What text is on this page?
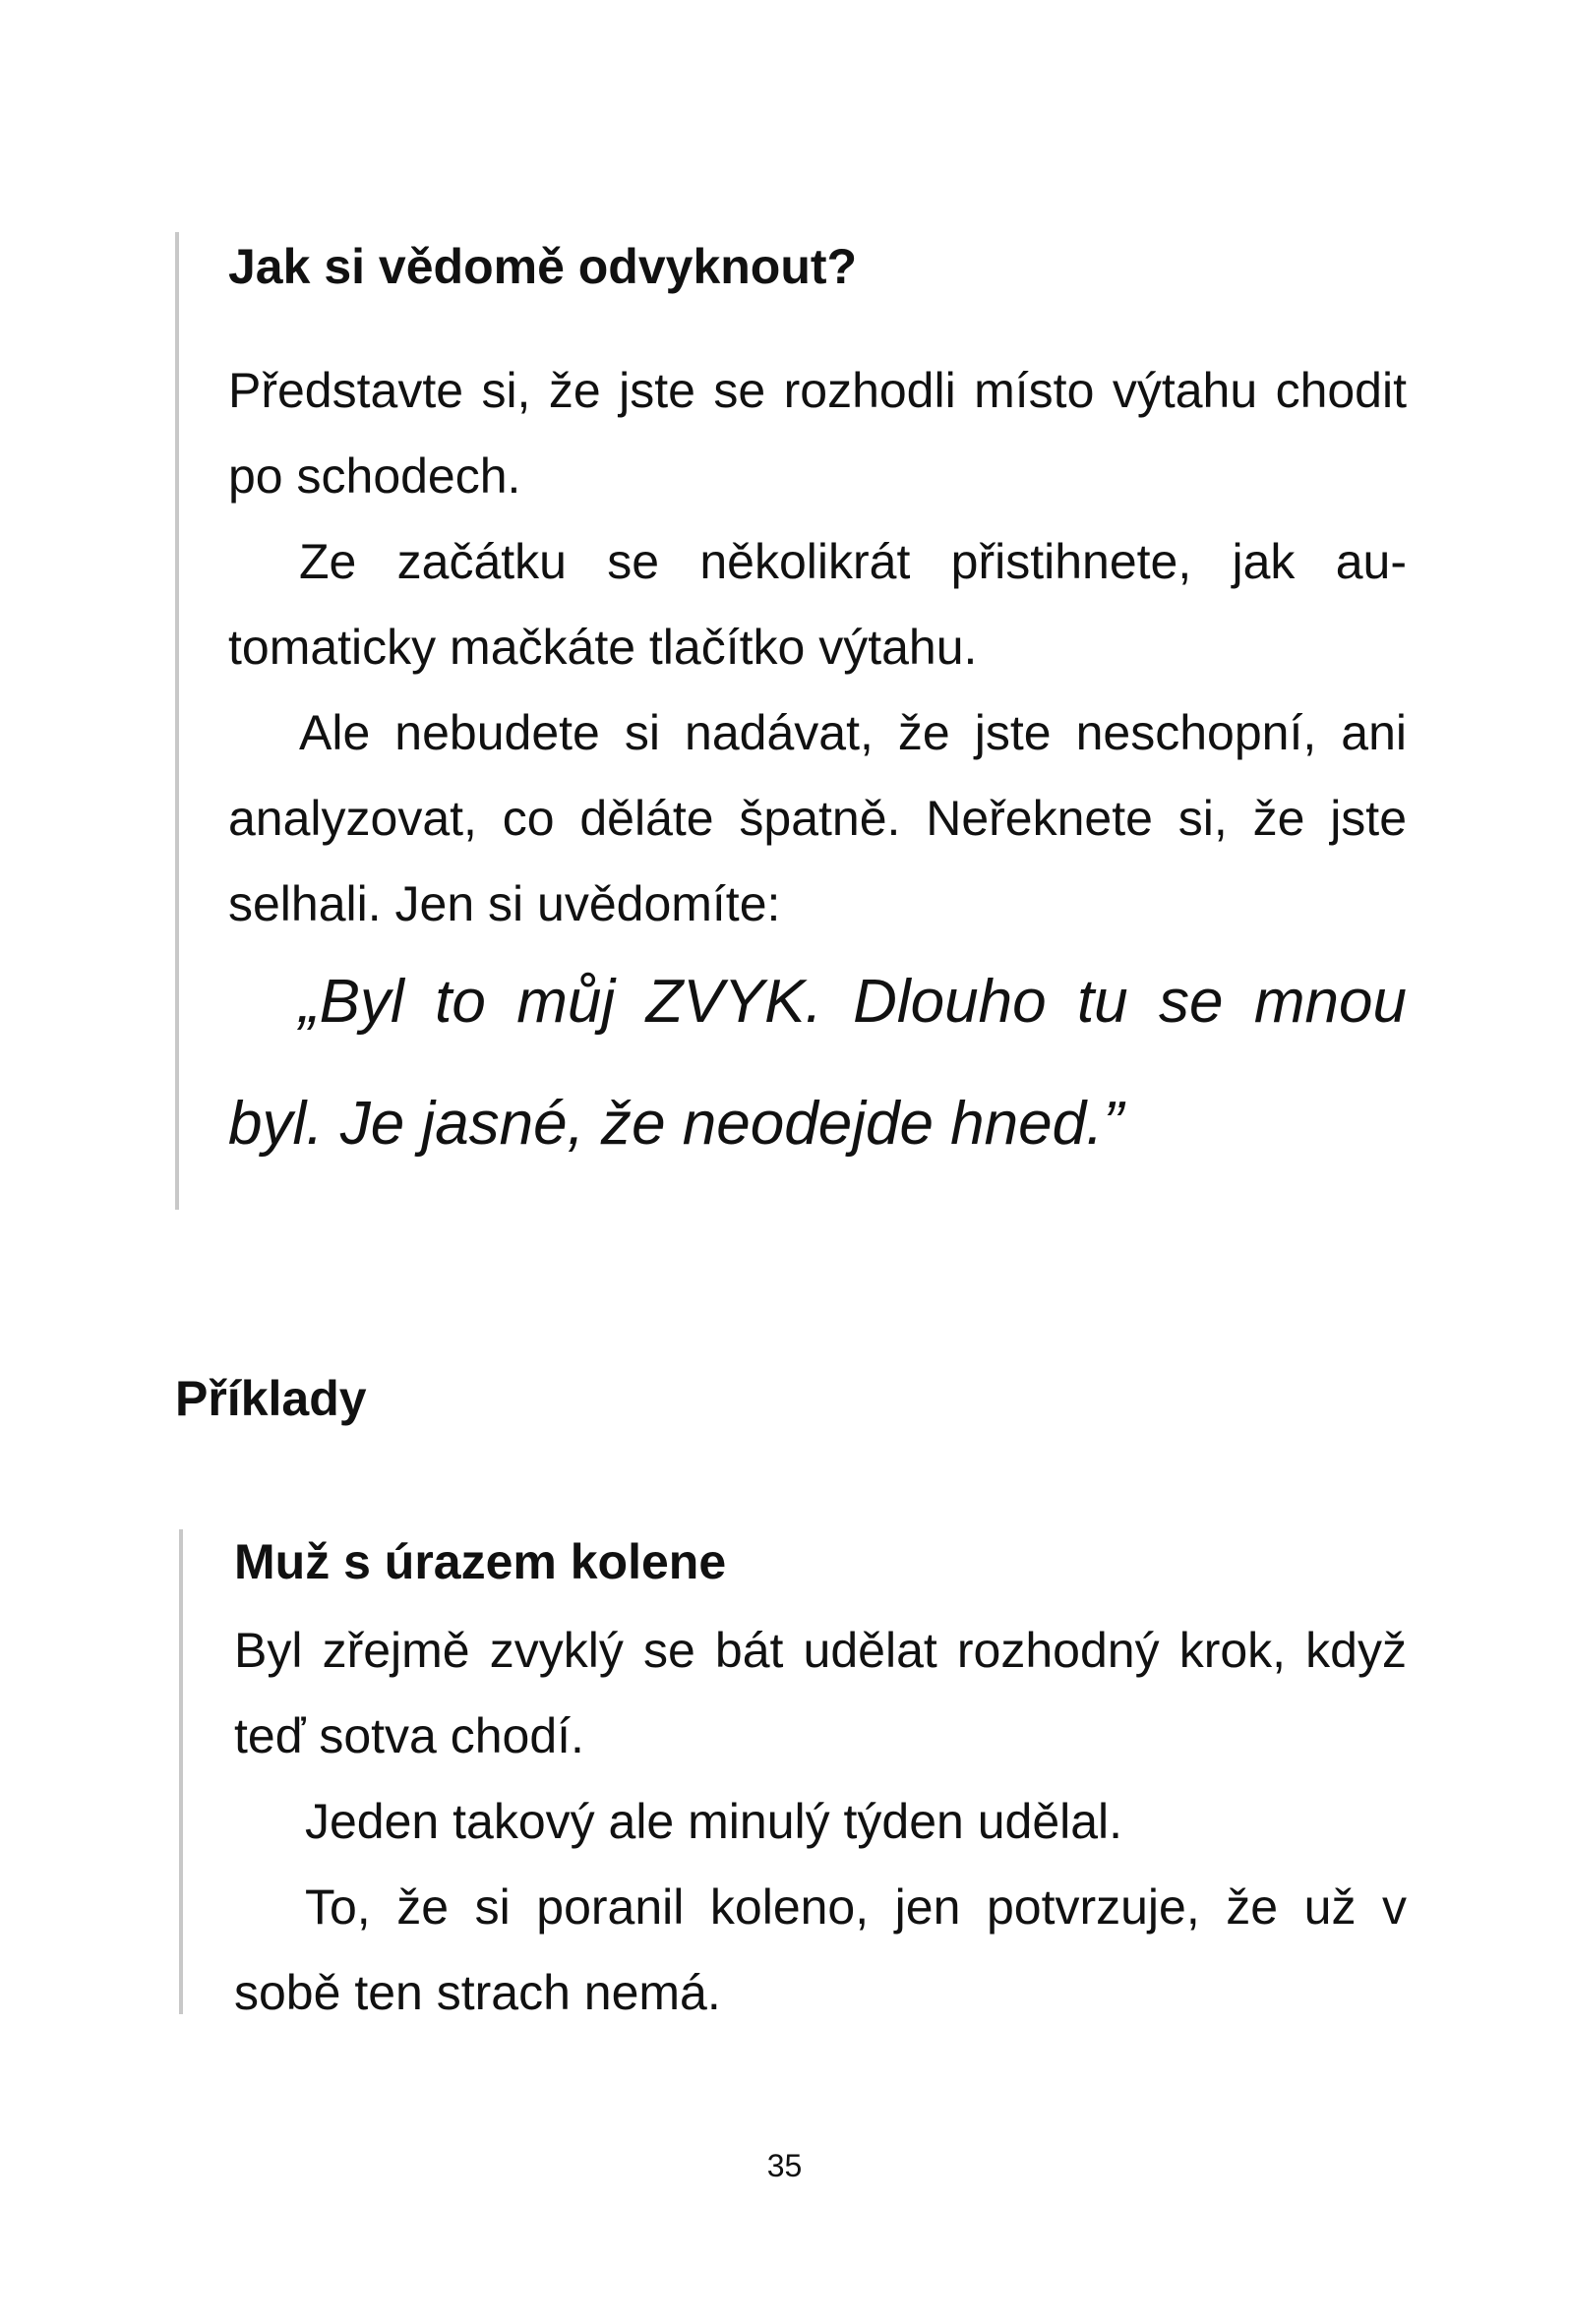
Jak si vědomě odvyknout?

Představte si, že jste se rozhodli místo výtahu chodit po schodech.

Ze začátku se několikrát přistihnete, jak automaticky mačkáte tlačítko výtahu.

Ale nebudete si nadávat, že jste neschopní, ani analyzovat, co děláte špatně. Neřeknete si, že jste selhali. Jen si uvědomíte:

„Byl to můj ZVYK. Dlouho tu se mnou byl. Je jasné, že neodejde hned.”

Příklady
Muž s úrazem kolene

Byl zřejmě zvyklý se bát udělat rozhodný krok, když teď sotva chodí.

Jeden takový ale minulý týden udělal.

To, že si poranil koleno, jen potvrzuje, že už v sobě ten strach nemá.

35
